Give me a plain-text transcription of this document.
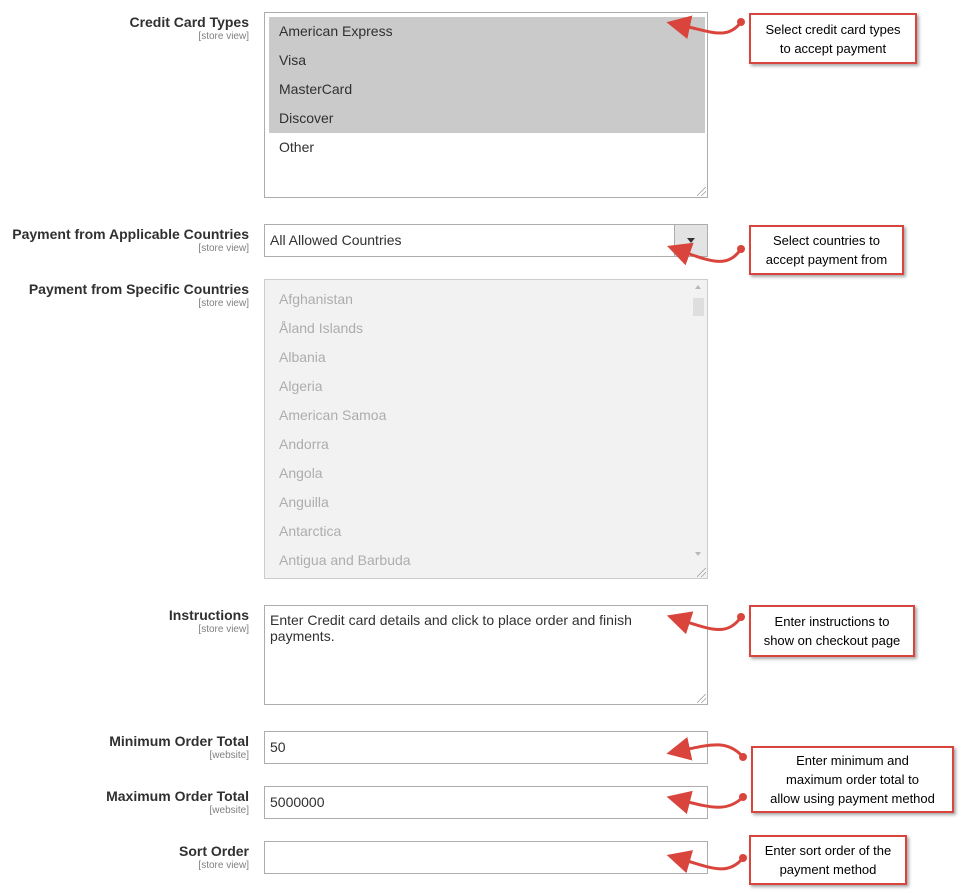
Credit Card Types
[store view]	American Express
Visa
MasterCard
Discover
Other
Payment from Applicable Countries
[store view]
All Allowed Countries
Payment from Specific Countries
[store view] Afghanistan
Åland Islands
Albania
Algeria
American Samoa
Andorra
Angola
Anguilla
Antarctica
Antigua and Barbuda
Instructions
[store view]
Enter Credit card details and click to place order and finish payments.
Minimum Order Total
[website]
50
Maximum Order Total
[website]
5000000
Sort Order
[store view]
Select credit card types
to accept payment
Select countries to
accept payment from
Enter instructions to
show on checkout page
Enter minimum and
maximum order total to
allow using payment method
Enter sort order of the
payment method
